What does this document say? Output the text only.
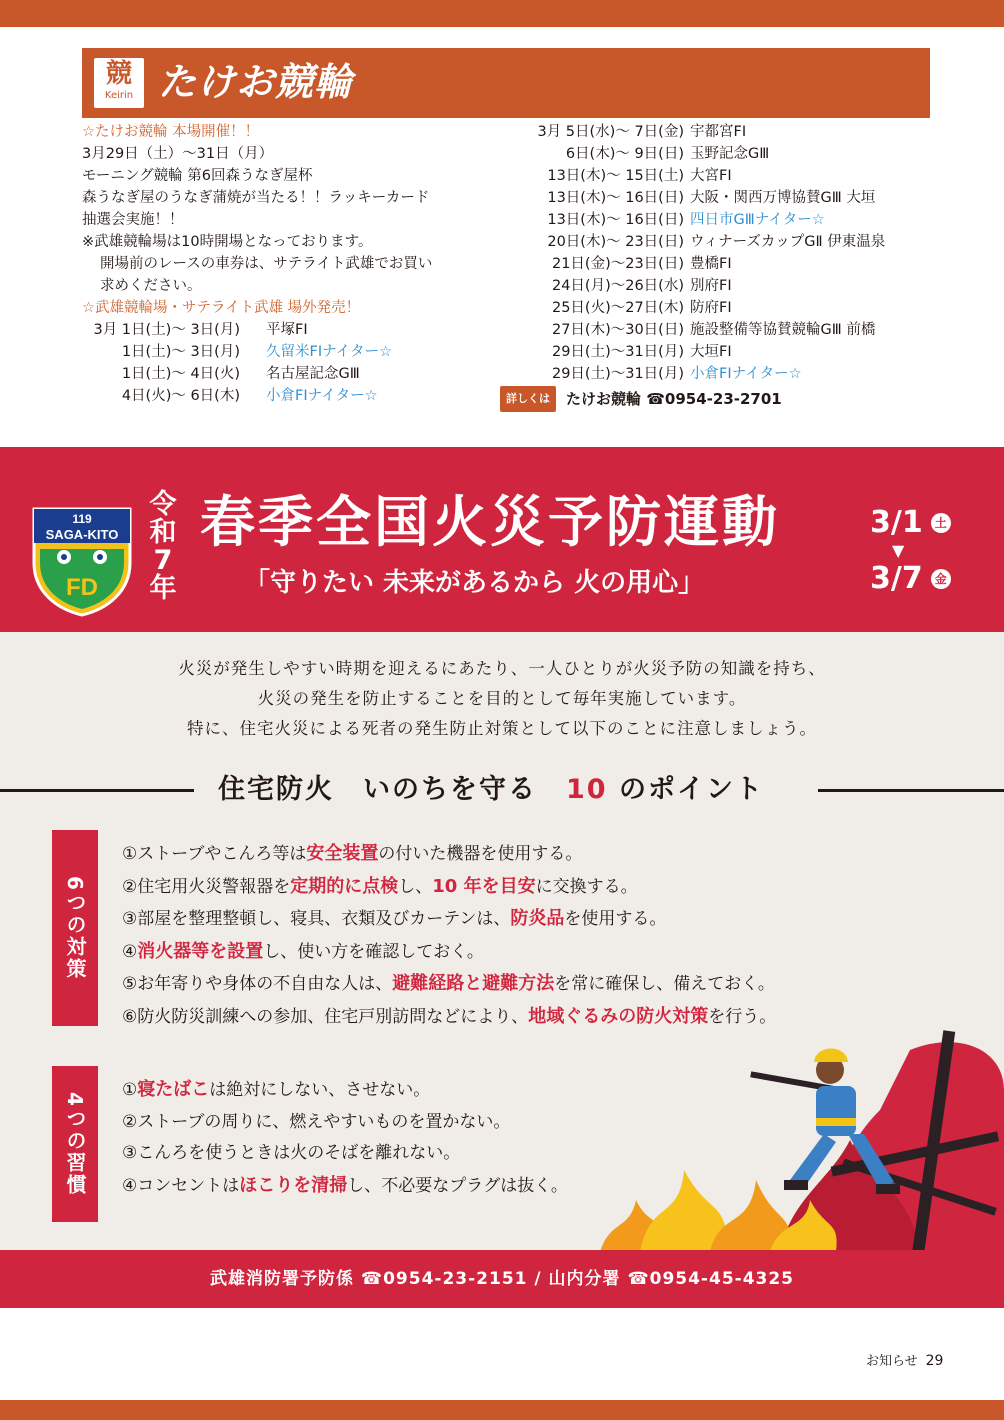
競
Keirin たけお競輪
☆たけお競輪 本場開催！！
3月29日（土）～31日（月）
モーニング競輪 第6回森うなぎ屋杯
森うなぎ屋のうなぎ蒲焼が当たる！！ラッキーカード
抽選会実施！！
※武雄競輪場は10時開場となっております。
開場前のレースの車券は、サテライト武雄でお買い
求めください。
☆武雄競輪場・サテライト武雄 場外発売！
3月 1日(土)～ 3日(月)	平塚FⅠ
1日(土)～ 3日(月)	久留米FⅠナイター☆
1日(土)～ 4日(火)	名古屋記念GⅢ
4日(火)～ 6日(木)	小倉FⅠナイター☆
3月 5日(水)～ 7日(金) 宇都宮FⅠ
6日(木)～ 9日(日) 玉野記念GⅢ
13日(木)～ 15日(土) 大宮FⅠ
13日(木)～ 16日(日) 大阪・関西万博協賛GⅢ 大垣
13日(木)～ 16日(日) 四日市GⅢナイター☆
20日(木)～ 23日(日) ウィナーズカップGⅡ 伊東温泉
21日(金)～23日(日) 豊橋FⅠ
24日(月)～26日(水) 別府FⅠ
25日(火)～27日(木) 防府FⅠ
27日(木)～30日(日) 施設整備等協賛競輪GⅢ 前橋
29日(土)～31日(月) 大垣FⅠ
29日(土)～31日(月) 小倉FⅠナイター☆
詳しくは	たけお競輪 ☎0954-23-2701
119
SAGA-KITO
FD
令
和
7
年
春季全国火災予防運動
「守りたい 未来があるから 火の用心」
3/1 土
▼
3/7 金
火災が発生しやすい時期を迎えるにあたり、一人ひとりが火災予防の知識を持ち、
火災の発生を防止することを目的として毎年実施しています。
特に、住宅火災による死者の発生防止対策として以下のことに注意しましょう。
住宅防火　いのちを守る　10 のポイント
6つの対策
①ストーブやこんろ等は安全装置の付いた機器を使用する。
②住宅用火災警報器を定期的に点検し、10 年を目安に交換する。
③部屋を整理整頓し、寝具、衣類及びカーテンは、防炎品を使用する。
④消火器等を設置し、使い方を確認しておく。
⑤お年寄りや身体の不自由な人は、避難経路と避難方法を常に確保し、備えておく。
⑥防火防災訓練への参加、住宅戸別訪問などにより、地域ぐるみの防火対策を行う。
4つの習慣
①寝たばこは絶対にしない、させない。
②ストーブの周りに、燃えやすいものを置かない。
③こんろを使うときは火のそばを離れない。
④コンセントはほこりを清掃し、不必要なプラグは抜く。
武雄消防署予防係 ☎0954-23-2151 / 山内分署 ☎0954-45-4325
お知らせ 29
